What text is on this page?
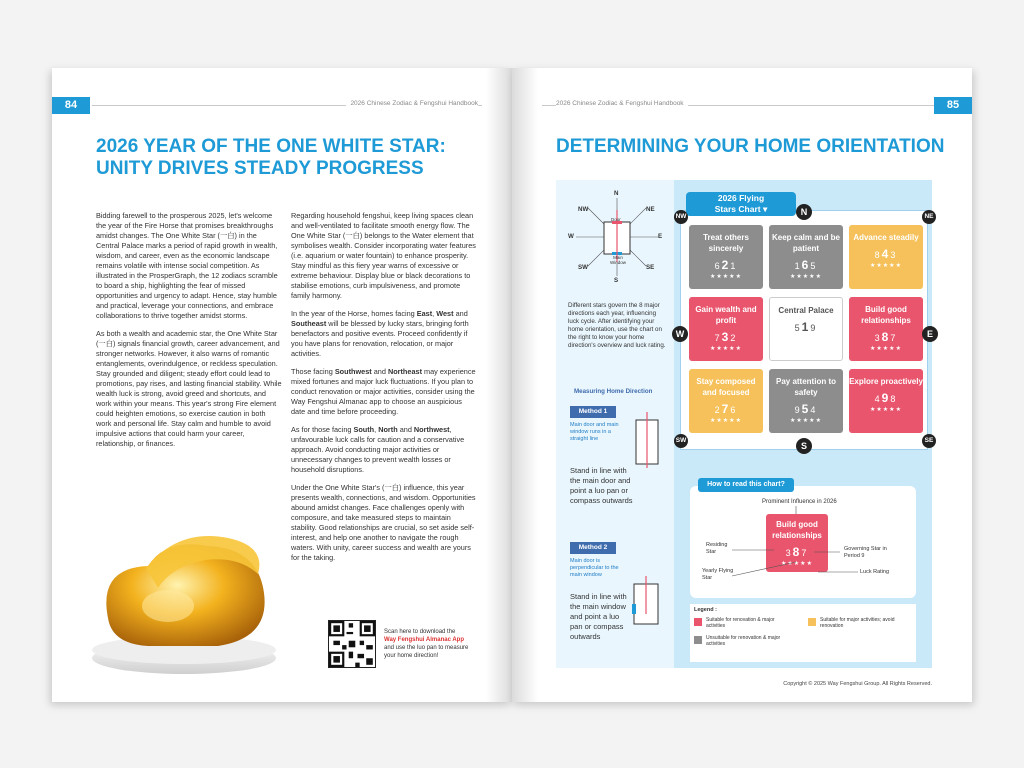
84	2026 Chinese Zodiac & Fengshui Handbook
2026 YEAR OF THE ONE WHITE STAR:
UNITY DRIVES STEADY PROGRESS

Bidding farewell to the prosperous 2025, let's welcome the year of the Fire Horse that promises breakthroughs amidst changes. The One White Star (一白) in the Central Palace marks a period of rapid growth in wealth, wisdom, and career, even as the economic landscape remains volatile with intense social competition. As illustrated in the ProsperGraph, the 12 zodiacs scramble to board a ship, highlighting the fear of missed opportunities and urgency to adapt. Hence, stay humble and practical, leverage your connections, and embrace collaborations to thrive together amidst storms.

As both a wealth and academic star, the One White Star (一白) signals financial growth, career advancement, and stronger networks. However, it also warns of romantic entanglements, overindulgence, or reckless speculation. Stay grounded and diligent; steady effort could lead to promotions, pay rises, and lasting financial stability. While wealth luck is strong, avoid greed and shortcuts, and work within your means. This year's strong Fire element could heighten emotions, so exercise caution in both work and personal life. Stay calm and humble to avoid impulsive actions that could harm your career, relationship, or finances.

Regarding household fengshui, keep living spaces clean and well-ventilated to facilitate smooth energy flow. The One White Star (一白) belongs to the Water element that symbolises wealth. Consider incorporating water features (i.e. aquarium or water fountain) to enhance prosperity. Stay mindful as this fiery year warns of excessive or extreme behaviour. Display blue or black decorations to stabilise emotions, curb impulsiveness, and promote family harmony.

In the year of the Horse, homes facing East, West and Southeast will be blessed by lucky stars, bringing forth benefactors and positive events. Proceed confidently if you have plans for renovation, relocation, or major activities.

Those facing Southwest and Northeast may experience mixed fortunes and major luck fluctuations. If you plan to conduct renovation or major activities, consider using the Way Fengshui Almanac app to choose an auspicious date and time before proceeding.

As for those facing South, North and Northwest, unfavourable luck calls for caution and a conservative approach. Avoid conducting major activities or unnecessary changes to prevent wealth losses or household disruptions.

Under the One White Star's (一白) influence, this year presents wealth, connections, and wisdom. Opportunities abound amidst changes. Face challenges openly with composure, and take measured steps to maintain stability. Good relationships are crucial, so set aside self-interest, and help one another to navigate the rough waters. With unity, career success and wealth are yours for the taking.

Scan here to download the
Way Fengshui Almanac App
and use the luo pan to measure your home direction!
85
2026 Chinese Zodiac & Fengshui Handbook
DETERMINING YOUR HOME ORIENTATION
N
NE
E
SE
S
SW
W
NW
Door
Main Window
Different stars govern the 8 major directions each year, influencing luck cycle. After identifying your home orientation, use the chart on the right to know your home direction's overview and luck rating.
Measuring Home Direction
Method 1
Main door and main window runs in a straight line
Stand in line with the main door and point a luo pan or compass outwards
Method 2
Main door is perpendicular to the main window
Stand in line with the main window and point a luo pan or compass outwards
Treat others sincerely
621
★★★★★
Keep calm and be patient
165
★★★★★
Advance steadily
843
★★★★★
Gain wealth and profit
732
★★★★★
Central Palace
519
Build good relationships
387
★★★★★
Stay composed and focused
276
★★★★★
Pay attention to safety
954
★★★★★
Explore proactively
498
★★★★★
2026 Flying
Stars Chart ▾
NW	N	NE
W	E
SW
S
SE
How to read this chart?
Prominent Influence in 2026
Build good relationships
387
★★★★★
Residing Star
Yearly Flying Star
Governing Star in Period 9
Luck Rating
Legend :
Suitable for renovation & major activities
Unsuitable for renovation & major activities
Suitable for major activities; avoid renovation
Copyright © 2025 Way Fengshui Group. All Rights Reserved.
